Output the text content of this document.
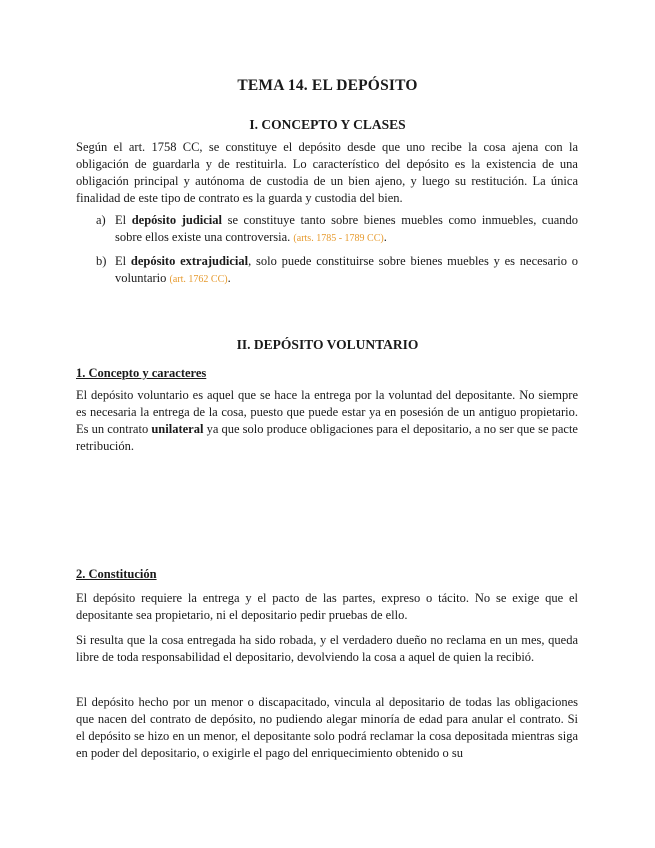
TEMA 14. EL DEPÓSITO
I. CONCEPTO Y CLASES

Según el art. 1758 CC, se constituye el depósito desde que uno recibe la cosa ajena con la obligación de guardarla y de restituirla. Lo característico del depósito es la existencia de una obligación principal y autónoma de custodia de un bien ajeno, y luego su restitución. La única finalidad de este tipo de contrato es la guarda y custodia del bien.

a) El depósito judicial se constituye tanto sobre bienes muebles como inmuebles, cuando sobre ellos existe una controversia. (arts. 1785 - 1789 CC).

b) El depósito extrajudicial, solo puede constituirse sobre bienes muebles y es necesario o voluntario (art. 1762 CC).

II. DEPÓSITO VOLUNTARIO
1. Concepto y caracteres

El depósito voluntario es aquel que se hace la entrega por la voluntad del depositante. No siempre es necesaria la entrega de la cosa, puesto que puede estar ya en posesión de un antiguo propietario. Es un contrato unilateral ya que solo produce obligaciones para el depositario, a no ser que se pacte retribución.

2. Constitución

El depósito requiere la entrega y el pacto de las partes, expreso o tácito. No se exige que el depositante sea propietario, ni el depositario pedir pruebas de ello.

Si resulta que la cosa entregada ha sido robada, y el verdadero dueño no reclama en un mes, queda libre de toda responsabilidad el depositario, devolviendo la cosa a aquel de quien la recibió.

El depósito hecho por un menor o discapacitado, vincula al depositario de todas las obligaciones que nacen del contrato de depósito, no pudiendo alegar minoría de edad para anular el contrato. Si el depósito se hizo en un menor, el depositante solo podrá reclamar la cosa depositada mientras siga en poder del depositario, o exigirle el pago del enriquecimiento obtenido o su
